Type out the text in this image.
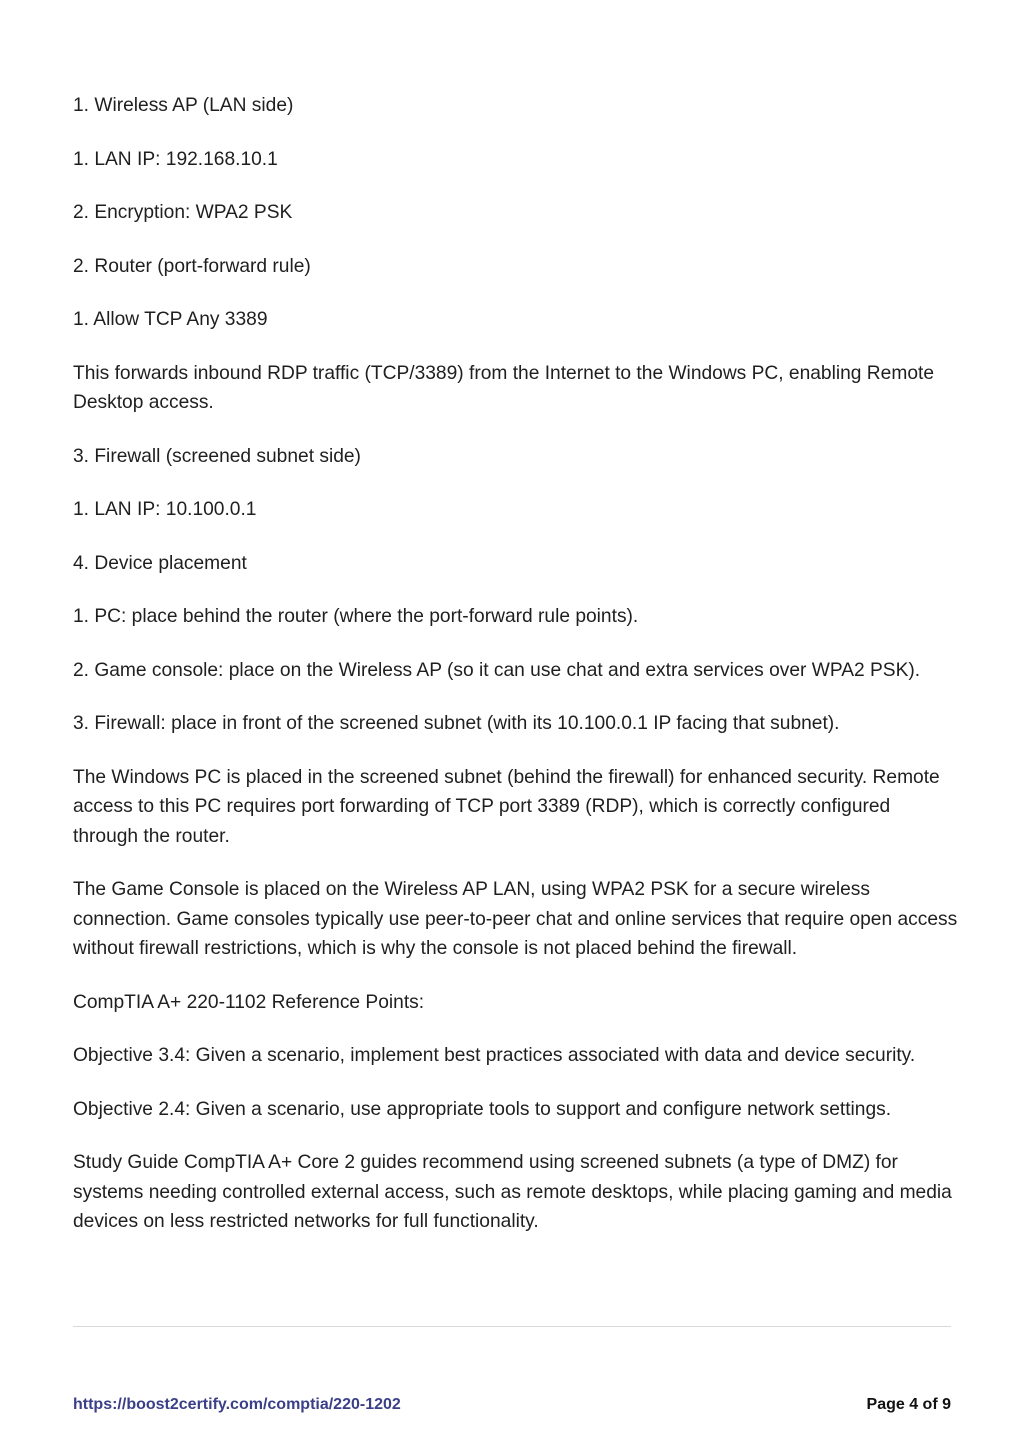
1. Wireless AP (LAN side)

1. LAN IP: 192.168.10.1

2. Encryption: WPA2 PSK

2. Router (port-forward rule)

1. Allow TCP Any 3389

This forwards inbound RDP traffic (TCP/3389) from the Internet to the Windows PC, enabling Remote Desktop access.

3. Firewall (screened subnet side)

1. LAN IP: 10.100.0.1

4. Device placement

1. PC: place behind the router (where the port-forward rule points).

2. Game console: place on the Wireless AP (so it can use chat and extra services over WPA2 PSK).

3. Firewall: place in front of the screened subnet (with its 10.100.0.1 IP facing that subnet).

The Windows PC is placed in the screened subnet (behind the firewall) for enhanced security. Remote access to this PC requires port forwarding of TCP port 3389 (RDP), which is correctly configured through the router.

The Game Console is placed on the Wireless AP LAN, using WPA2 PSK for a secure wireless connection. Game consoles typically use peer-to-peer chat and online services that require open access without firewall restrictions, which is why the console is not placed behind the firewall.

CompTIA A+ 220-1102 Reference Points:

Objective 3.4: Given a scenario, implement best practices associated with data and device security.

Objective 2.4: Given a scenario, use appropriate tools to support and configure network settings.

Study Guide CompTIA A+ Core 2 guides recommend using screened subnets (a type of DMZ) for systems needing controlled external access, such as remote desktops, while placing gaming and media devices on less restricted networks for full functionality.

https://boost2certify.com/comptia/220-1202	Page 4 of 9
